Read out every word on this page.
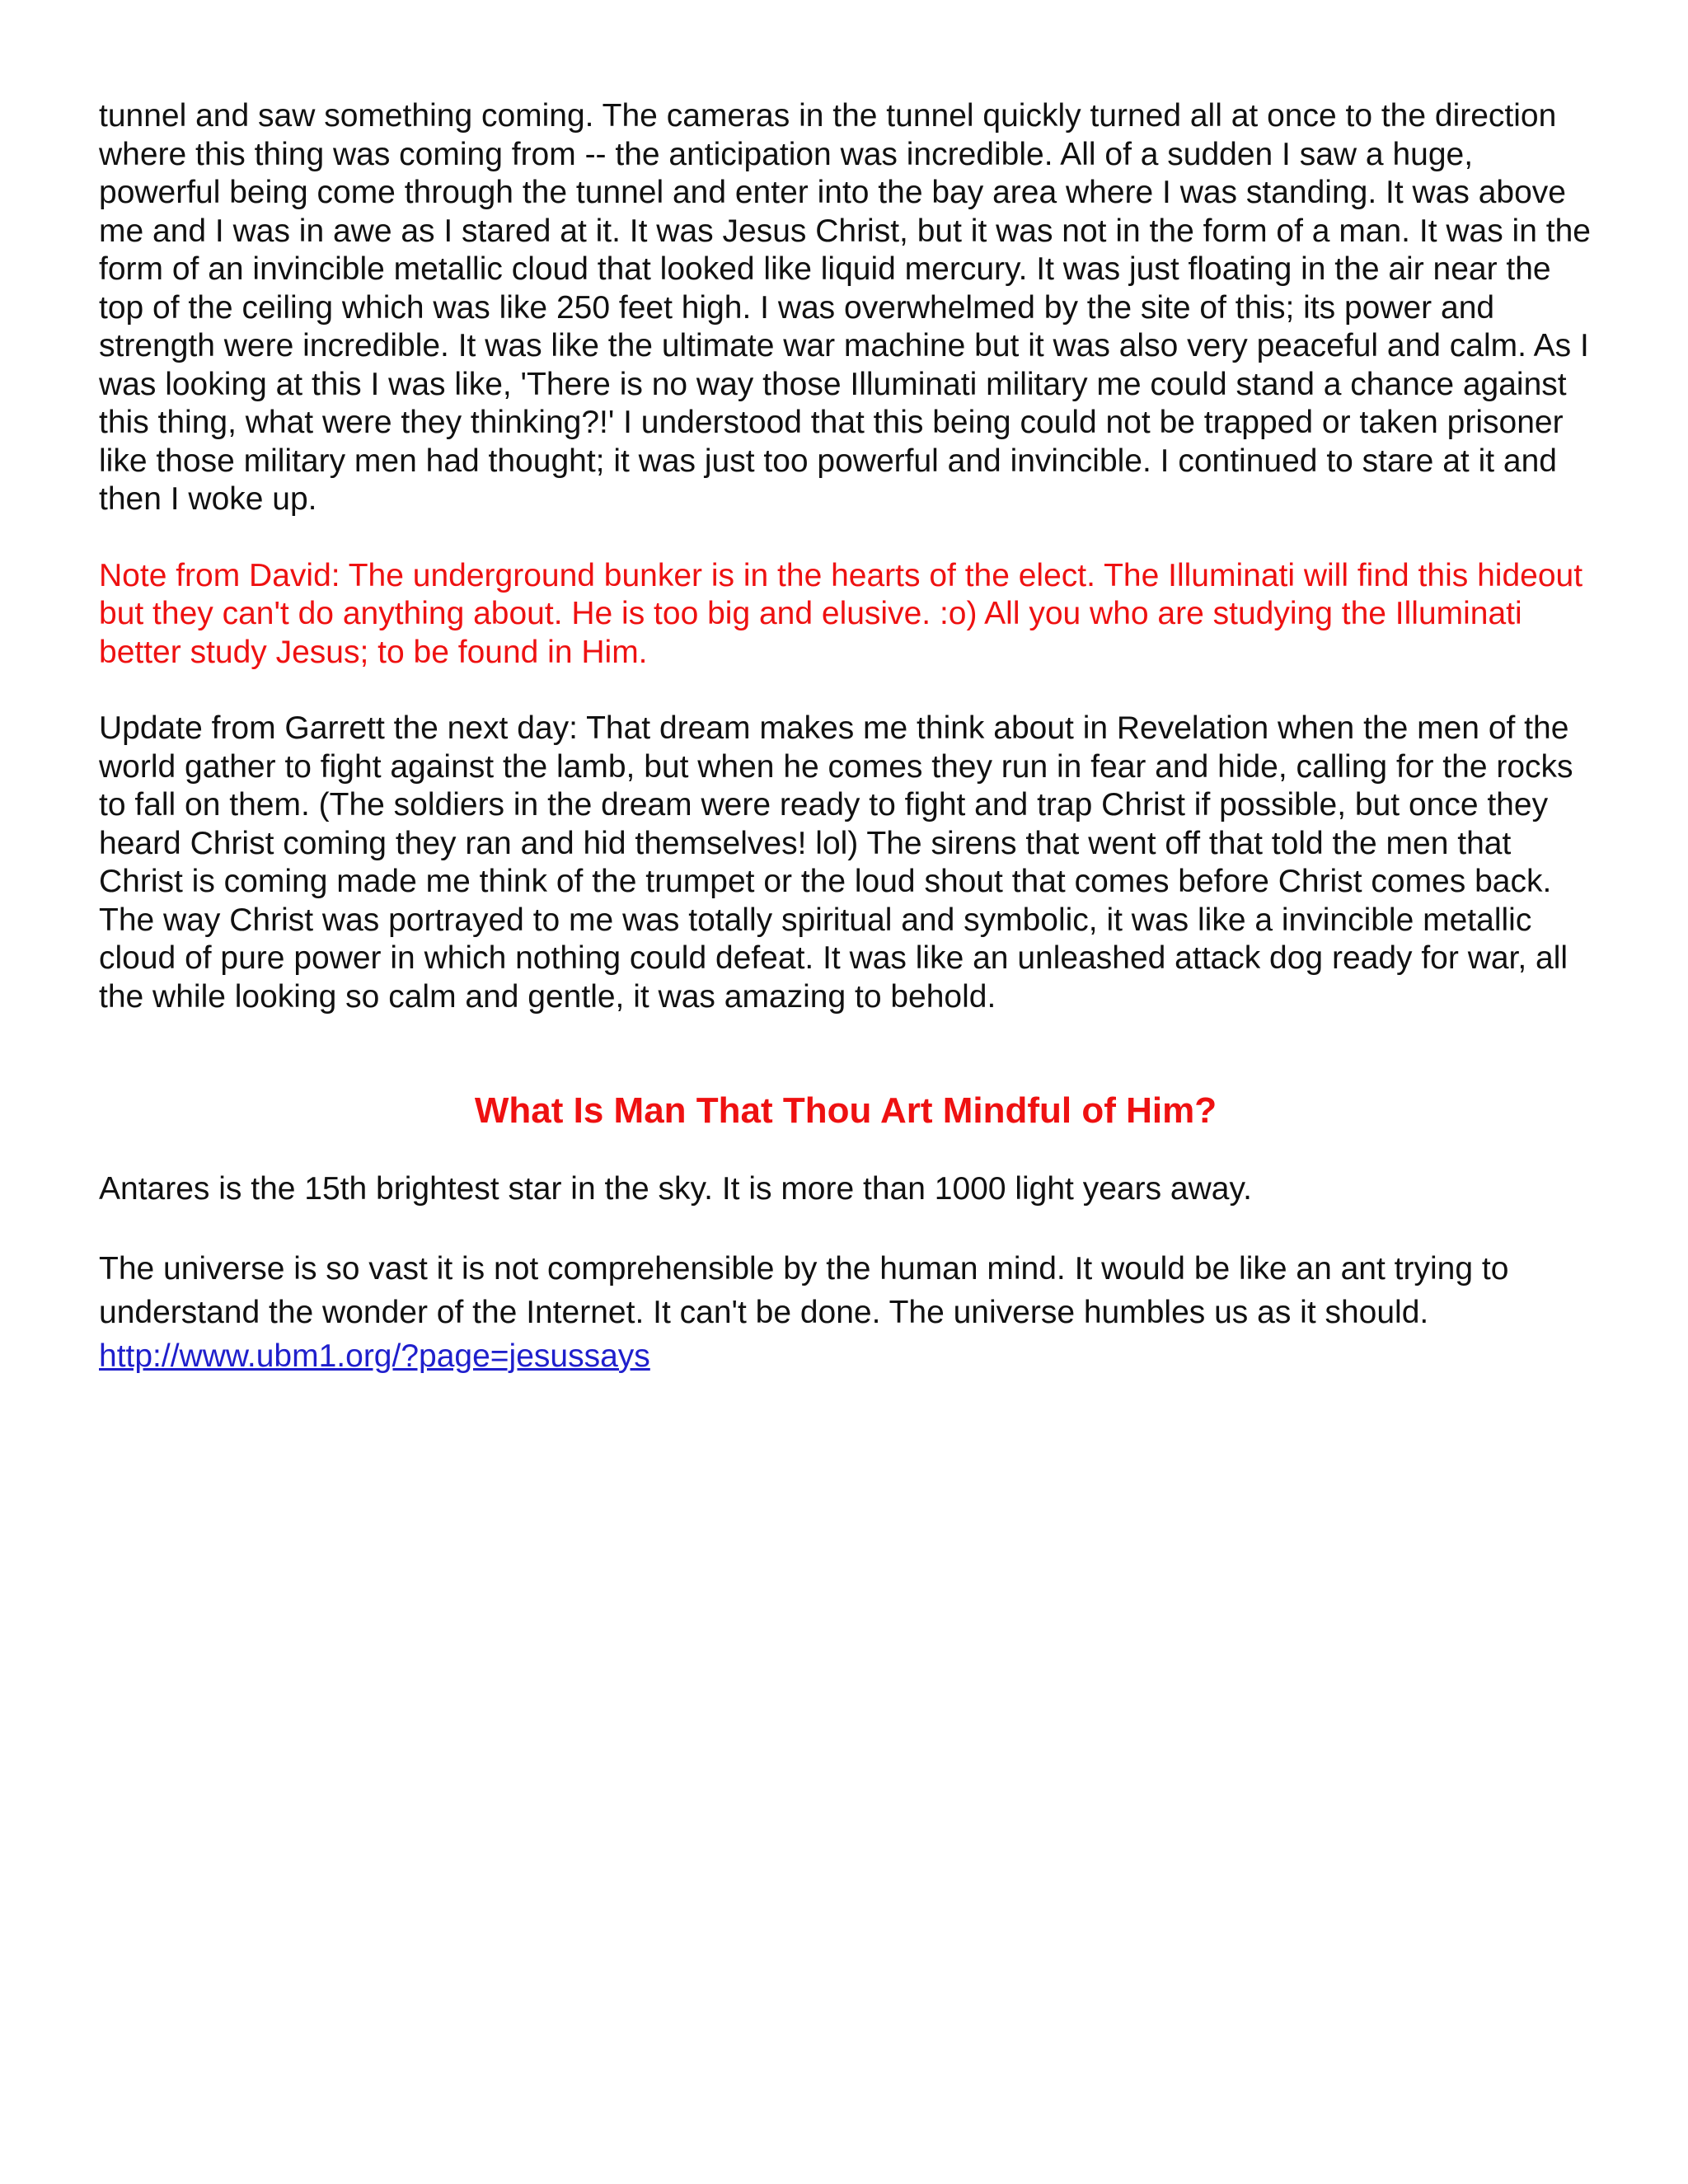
tunnel and saw something coming. The cameras in the tunnel quickly turned all at once to the direction where this thing was coming from -- the anticipation was incredible. All of a sudden I saw a huge, powerful being come through the tunnel and enter into the bay area where I was standing. It was above me and I was in awe as I stared at it. It was Jesus Christ, but it was not in the form of a man. It was in the form of an invincible metallic cloud that looked like liquid mercury. It was just floating in the air near the top of the ceiling which was like 250 feet high. I was overwhelmed by the site of this; its power and strength were incredible. It was like the ultimate war machine but it was also very peaceful and calm. As I was looking at this I was like, 'There is no way those Illuminati military me could stand a chance against this thing, what were they thinking?!' I understood that this being could not be trapped or taken prisoner like those military men had thought; it was just too powerful and invincible. I continued to stare at it and then I woke up.

Note from David: The underground bunker is in the hearts of the elect. The Illuminati will find this hideout but they can't do anything about. He is too big and elusive. :o) All you who are studying the Illuminati better study Jesus; to be found in Him.

Update from Garrett the next day: That dream makes me think about in Revelation when the men of the world gather to fight against the lamb, but when he comes they run in fear and hide, calling for the rocks to fall on them. (The soldiers in the dream were ready to fight and trap Christ if possible, but once they heard Christ coming they ran and hid themselves! lol) The sirens that went off that told the men that Christ is coming made me think of the trumpet or the loud shout that comes before Christ comes back. The way Christ was portrayed to me was totally spiritual and symbolic, it was like a invincible metallic cloud of pure power in which nothing could defeat. It was like an unleashed attack dog ready for war, all the while looking so calm and gentle, it was amazing to behold.

What Is Man That Thou Art Mindful of Him?

Antares is the 15th brightest star in the sky. It is more than 1000 light years away.

The universe is so vast it is not comprehensible by the human mind. It would be like an ant trying to understand the wonder of the Internet. It can't be done. The universe humbles us as it should.

http://www.ubm1.org/?page=jesussays
